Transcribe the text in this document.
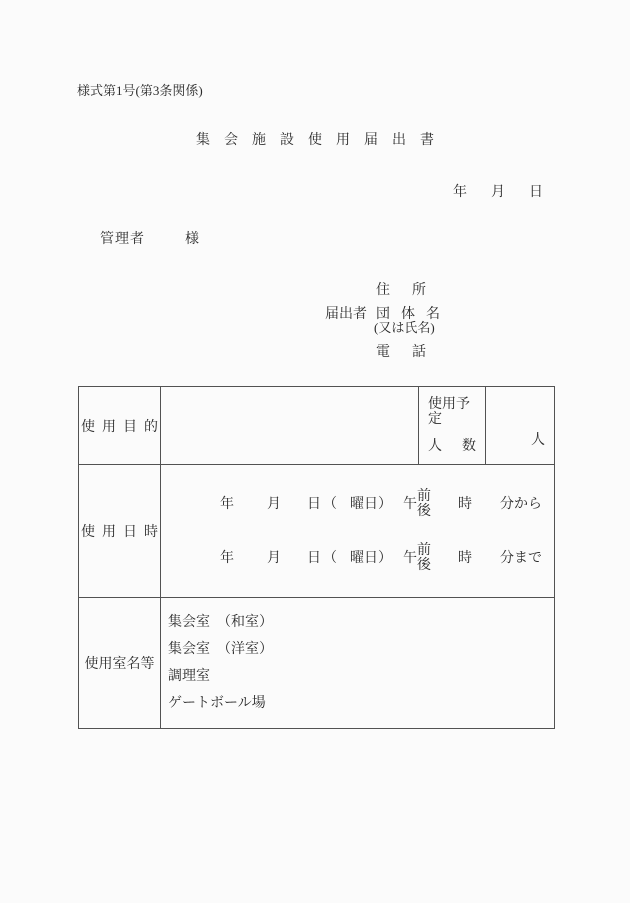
様式第1号(第3条関係)
集　会　施　設　使　用　届　出　書
年 月 日
管理者	様
届出者
住所
団体名
(又は氏名)
電話
使用目的
使用予定
人 数	人
使用日時
年 月 日 （ 曜日） 午 前
後 時 分から
年 月 日 （ 曜日） 午 前
後 時 分まで
使用室名等
集会室　（和室）
集会室　（洋室）
調理室
ゲートボール場
